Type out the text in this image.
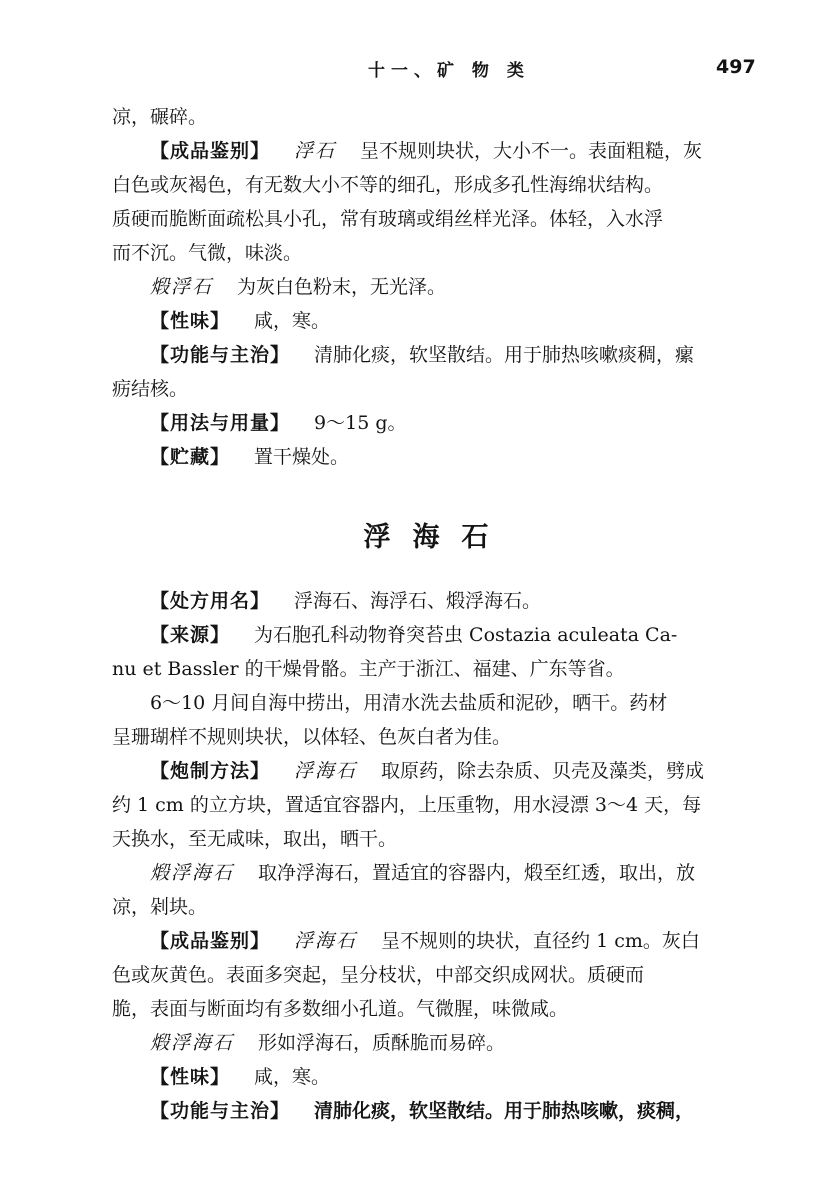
十一、矿 物 类	497

凉，碾碎。

【成品鉴别】 浮石 呈不规则块状，大小不一。表面粗糙，灰

白色或灰褐色，有无数大小不等的细孔，形成多孔性海绵状结构。

质硬而脆断面疏松具小孔，常有玻璃或绢丝样光泽。体轻，入水浮

而不沉。气微，味淡。

煅浮石 为灰白色粉末，无光泽。

【性味】 咸，寒。

【功能与主治】 清肺化痰，软坚散结。用于肺热咳嗽痰稠，瘰

疬结核。

【用法与用量】 9～15 g。

【贮藏】 置干燥处。

浮海石

【处方用名】 浮海石、海浮石、煅浮海石。

【来源】 为石胞孔科动物脊突苔虫 Costazia aculeata Ca-

nu et Bassler 的干燥骨骼。主产于浙江、福建、广东等省。

6～10 月间自海中捞出，用清水洗去盐质和泥砂，晒干。药材

呈珊瑚样不规则块状，以体轻、色灰白者为佳。

【炮制方法】 浮海石 取原药，除去杂质、贝壳及藻类，劈成

约 1 cm 的立方块，置适宜容器内，上压重物，用水浸漂 3～4 天，每

天换水，至无咸味，取出，晒干。

煅浮海石 取净浮海石，置适宜的容器内，煅至红透，取出，放

凉，剁块。

【成品鉴别】 浮海石 呈不规则的块状，直径约 1 cm。灰白

色或灰黄色。表面多突起，呈分枝状，中部交织成网状。质硬而

脆，表面与断面均有多数细小孔道。气微腥，味微咸。

煅浮海石 形如浮海石，质酥脆而易碎。

【性味】 咸，寒。

【功能与主治】 清肺化痰，软坚散结。用于肺热咳嗽，痰稠，
